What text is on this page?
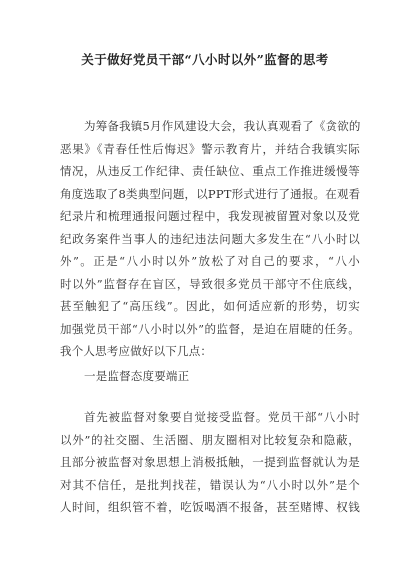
关于做好党员干部“八小时以外”监督的思考
为筹备我镇5月作风建设大会，我认真观看了《贪欲的
恶果》《青春任性后悔迟》警示教育片，并结合我镇实际
情况，从违反工作纪律、责任缺位、重点工作推进缓慢等
角度选取了8类典型问题，以PPT形式进行了通报。在观看
纪录片和梳理通报问题过程中，我发现被留置对象以及党
纪政务案件当事人的违纪违法问题大多发生在“八小时以
外”。正是“八小时以外”放松了对自己的要求，“八小
时以外”监督存在盲区，导致很多党员干部守不住底线，
甚至触犯了“高压线”。因此，如何适应新的形势，切实
加强党员干部“八小时以外”的监督，是迫在眉睫的任务。
我个人思考应做好以下几点：
一是监督态度要端正
首先被监督对象要自觉接受监督。党员干部“八小时
以外”的社交圈、生活圈、朋友圈相对比较复杂和隐蔽，
且部分被监督对象思想上消极抵触，一提到监督就认为是
对其不信任，是批判找茬，错误认为“八小时以外”是个
人时间，组织管不着，吃饭喝酒不报备，甚至赌博、权钱
